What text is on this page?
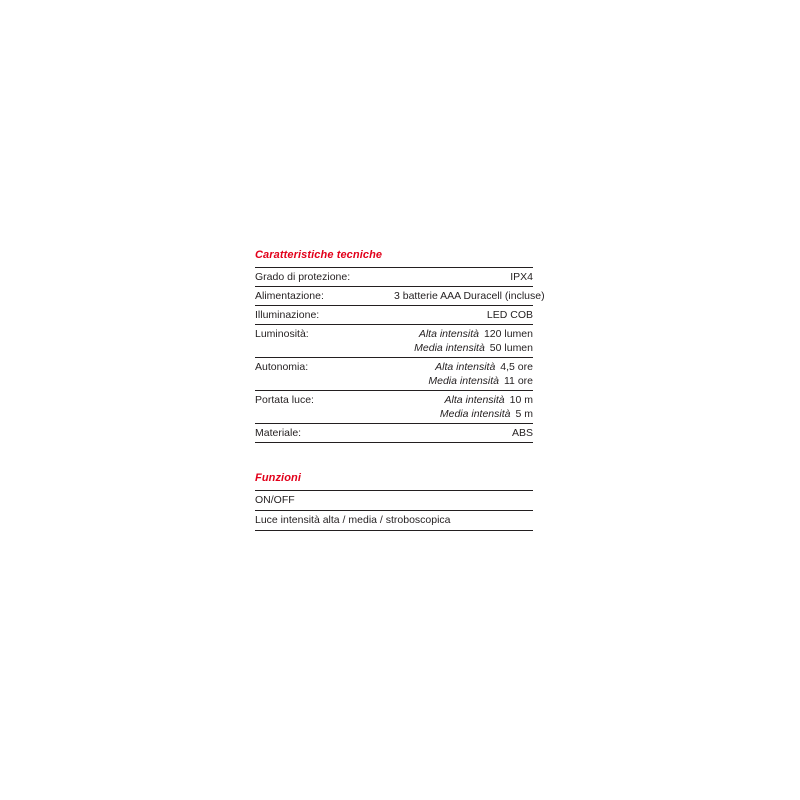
Caratteristiche tecniche
Grado di protezione:	IPX4

Alimentazione:	3 batterie AAA Duracell (incluse)

Illuminazione:	LED COB

Luminosità:	Alta intensità 120 lumen
Media intensità 50 lumen

Autonomia:	Alta intensità 4,5 ore
Media intensità 11 ore

Portata luce:	Alta intensità 10 m
Media intensità 5 m

Materiale:	ABS
Funzioni
ON/OFF
Luce intensità alta / media / stroboscopica
